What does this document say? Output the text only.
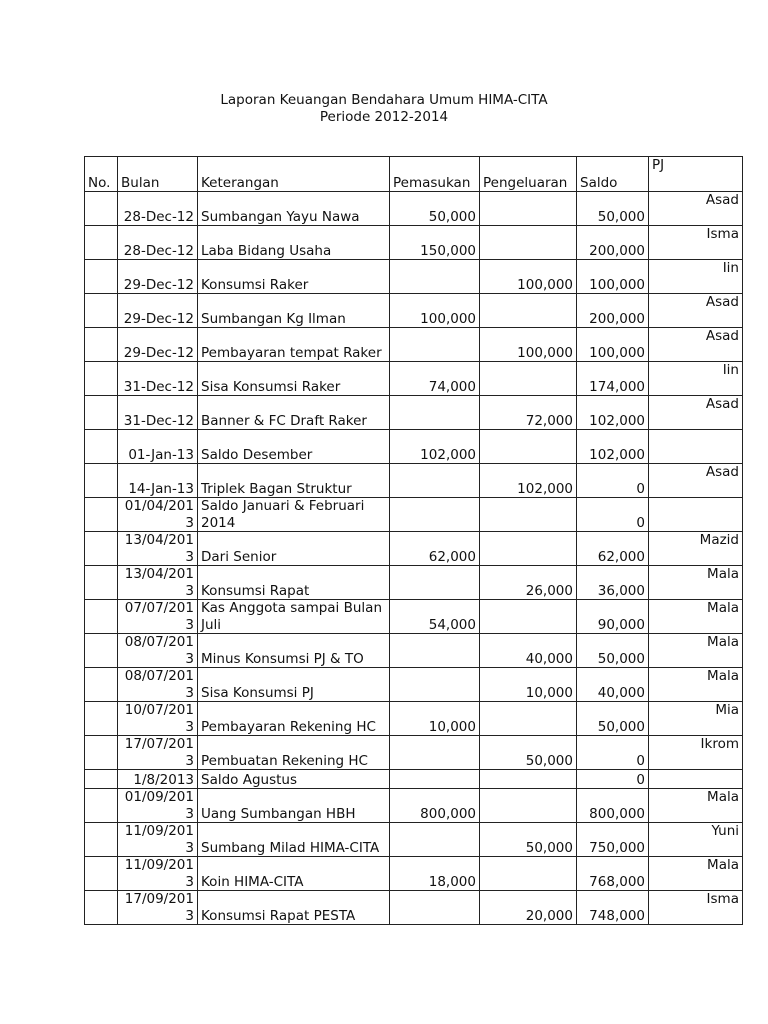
Laporan Keuangan Bendahara Umum HIMA-CITA
Periode 2012-2014
No.	Bulan	Keterangan	Pemasukan	Pengeluaran	Saldo	PJ
	28-Dec-12	Sumbangan Yayu Nawa	50,000		50,000	Asad
	28-Dec-12	Laba Bidang Usaha	150,000		200,000	Isma
	29-Dec-12	Konsumsi Raker		100,000	100,000	Iin
	29-Dec-12	Sumbangan Kg Ilman	100,000		200,000	Asad
	29-Dec-12	Pembayaran tempat Raker		100,000	100,000	Asad
	31-Dec-12	Sisa Konsumsi Raker	74,000		174,000	Iin
	31-Dec-12	Banner & FC Draft Raker		72,000	102,000	Asad
	01-Jan-13	Saldo Desember	102,000		102,000	
	14-Jan-13	Triplek Bagan Struktur		102,000	0	Asad
	01/04/2013	Saldo Januari & Februari 2014			0	
	13/04/2013	Dari Senior	62,000		62,000	Mazid
	13/04/2013	Konsumsi Rapat		26,000	36,000	Mala
	07/07/2013	Kas Anggota sampai Bulan Juli	54,000		90,000	Mala
	08/07/2013	Minus Konsumsi PJ & TO		40,000	50,000	Mala
	08/07/2013	Sisa Konsumsi PJ		10,000	40,000	Mala
	10/07/2013	Pembayaran Rekening HC	10,000		50,000	Mia
	17/07/2013	Pembuatan Rekening HC		50,000	0	Ikrom
	1/8/2013	Saldo Agustus			0	
	01/09/2013	Uang Sumbangan HBH	800,000		800,000	Mala
	11/09/2013	Sumbang Milad HIMA-CITA		50,000	750,000	Yuni
	11/09/2013	Koin HIMA-CITA	18,000		768,000	Mala
	17/09/2013	Konsumsi Rapat PESTA		20,000	748,000	Isma
